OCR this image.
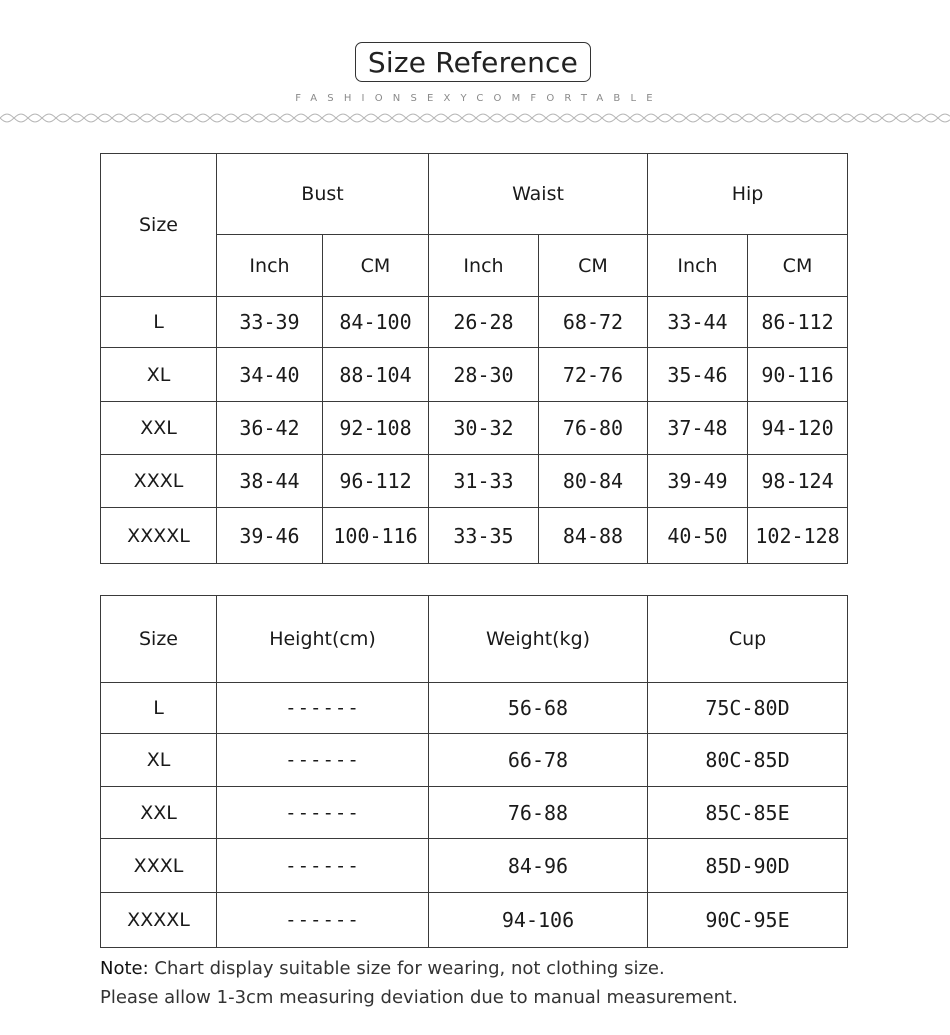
Size Reference
FASHIONSEXYCOMFORTABLE
Size	Bust		Waist		Hip	
	Inch	CM	Inch	CM	Inch	CM
L	33-39	84-100	26-28	68-72	33-44	86-112
XL	34-40	88-104	28-30	72-76	35-46	90-116
XXL	36-42	92-108	30-32	76-80	37-48	94-120
XXXL	38-44	96-112	31-33	80-84	39-49	98-124
XXXXL	39-46	100-116	33-35	84-88	40-50	102-128
Size	Height(cm)	Weight(kg)	Cup
L	------	56-68	75C-80D
XL	------	66-78	80C-85D
XXL	------	76-88	85C-85E
XXXL	------	84-96	85D-90D
XXXXL	------	94-106	90C-95E
Note: Chart display suitable size for wearing, not clothing size.
Please allow 1-3cm measuring deviation due to manual measurement.
